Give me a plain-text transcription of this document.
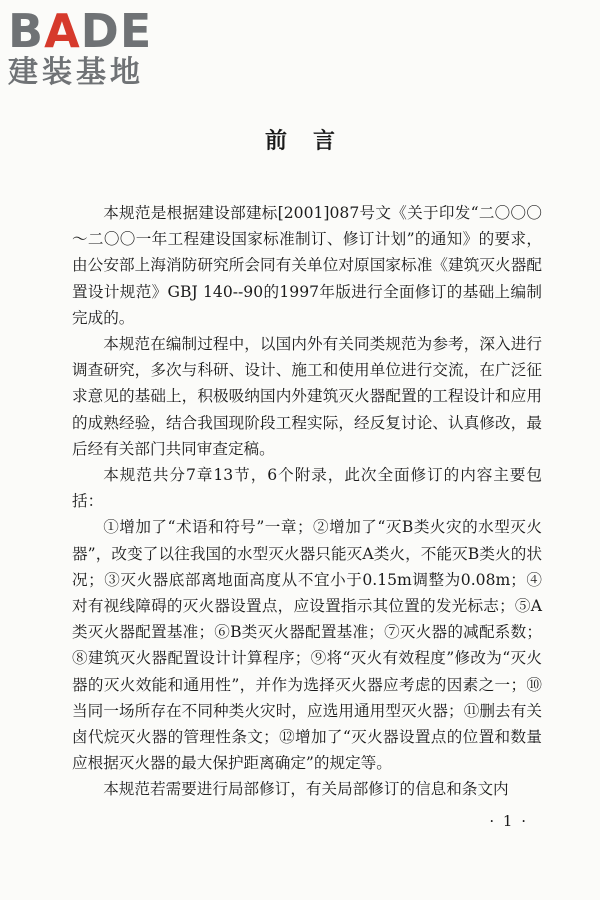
BADE
建装基地
前言

本规范是根据建设部建标[2001]087号文《关于印发“二〇〇〇～二〇〇一年工程建设国家标准制订、修订计划”的通知》的要求，由公安部上海消防研究所会同有关单位对原国家标准《建筑灭火器配置设计规范》GBJ 140--90的1997年版进行全面修订的基础上编制完成的。

本规范在编制过程中，以国内外有关同类规范为参考，深入进行调查研究，多次与科研、设计、施工和使用单位进行交流，在广泛征求意见的基础上，积极吸纳国内外建筑灭火器配置的工程设计和应用的成熟经验，结合我国现阶段工程实际，经反复讨论、认真修改，最后经有关部门共同审查定稿。

本规范共分7章13节，6个附录，此次全面修订的内容主要包括：

①增加了“术语和符号”一章；②增加了“灭B类火灾的水型灭火器”，改变了以往我国的水型灭火器只能灭A类火，不能灭B类火的状况；③灭火器底部离地面高度从不宜小于0.15m调整为0.08m；④对有视线障碍的灭火器设置点，应设置指示其位置的发光标志；⑤A类灭火器配置基准；⑥B类灭火器配置基准；⑦灭火器的减配系数；⑧建筑灭火器配置设计计算程序；⑨将“灭火有效程度”修改为“灭火器的灭火效能和通用性”，并作为选择灭火器应考虑的因素之一；⑩当同一场所存在不同种类火灾时，应选用通用型灭火器；⑪删去有关卤代烷灭火器的管理性条文；⑫增加了“灭火器设置点的位置和数量应根据灭火器的最大保护距离确定”的规定等。

本规范若需要进行局部修订，有关局部修订的信息和条文内

· 1 ·
